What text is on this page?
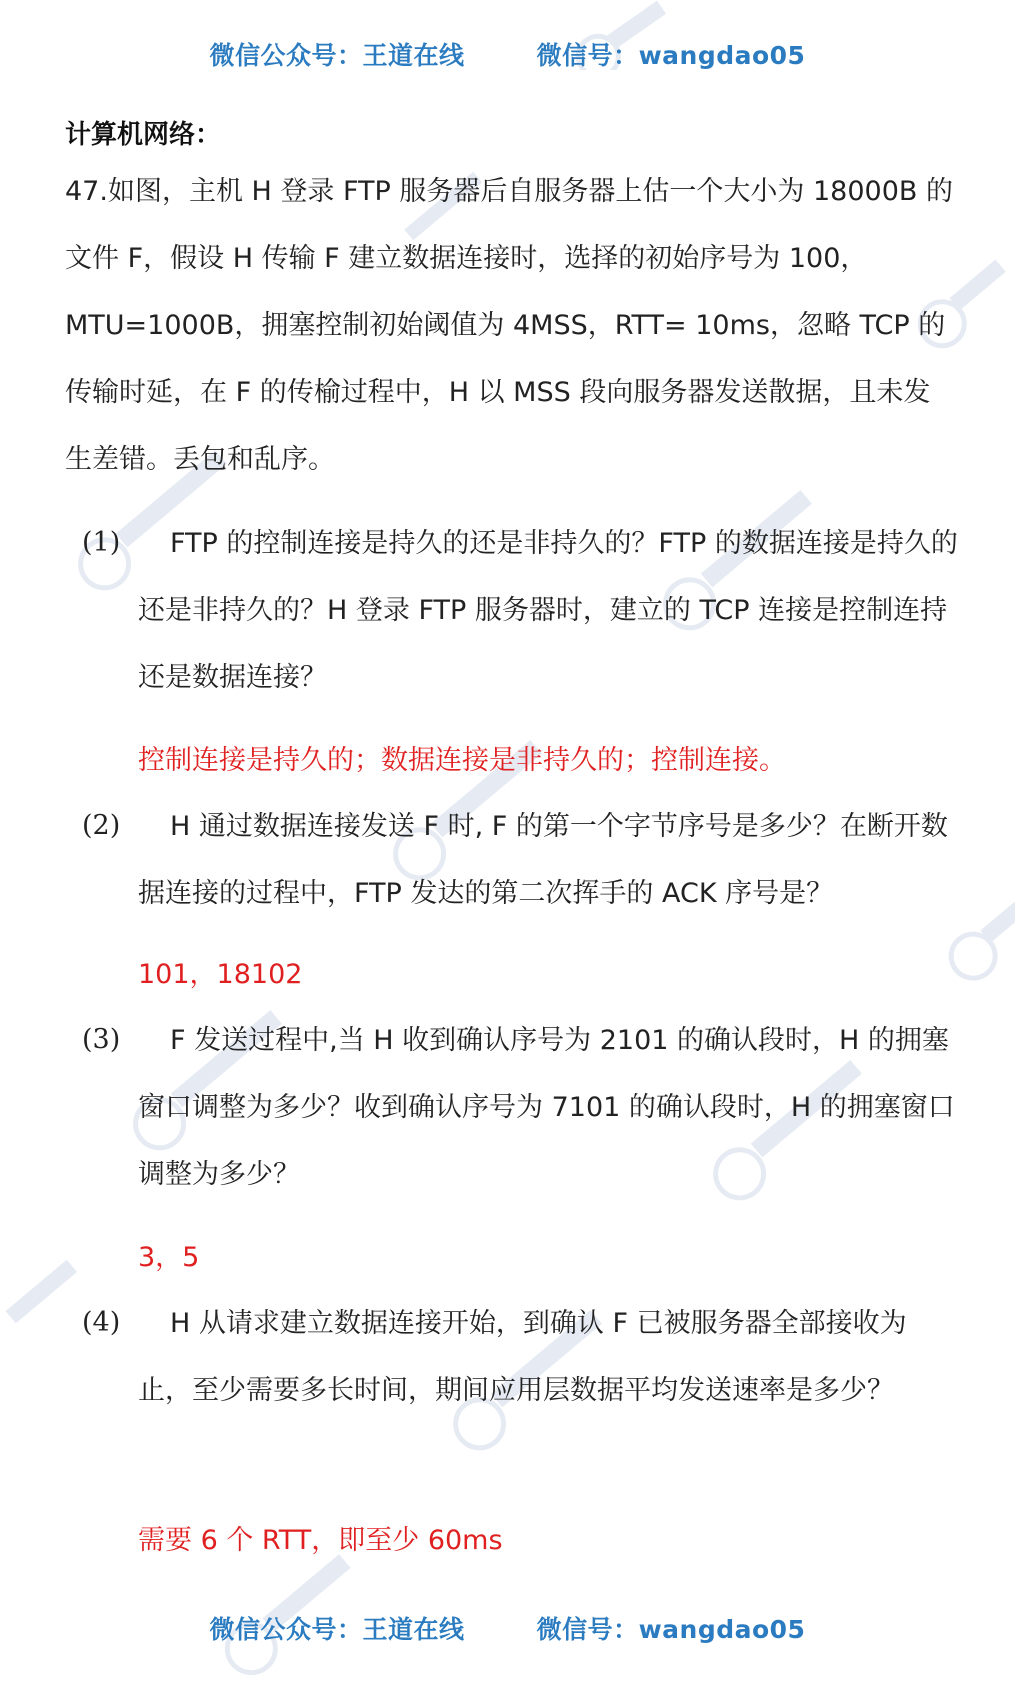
微信公众号：王道在线	微信号：wangdao05
计算机网络：
47.如图，主机 H 登录 FTP 服务器后自服务器上估一个大小为 18000B 的文件 F，假设 H 传输 F 建立数据连接时，选择的初始序号为 100，MTU=1000B，拥塞控制初始阈值为 4MSS，RTT= 10ms，忽略 TCP 的传输时延，在 F 的传榆过程中，H 以 MSS 段向服务器发送散据，且未发生差错。丢包和乱序。
(1)	FTP 的控制连接是持久的还是非持久的？FTP 的数据连接是持久的还是非持久的？H 登录 FTP 服务器时，建立的 TCP 连接是控制连持还是数据连接？
控制连接是持久的；数据连接是非持久的；控制连接。
(2)	H 通过数据连接发送 F 时, F 的第一个字节序号是多少？在断开数据连接的过程中，FTP 发达的第二次挥手的 ACK 序号是？
101，18102
(3)	F 发送过程中,当 H 收到确认序号为 2101 的确认段时，H 的拥塞窗口调整为多少？收到确认序号为 7101 的确认段时，H 的拥塞窗口调整为多少？
3，5
(4)	H 从请求建立数据连接开始，到确认 F 已被服务器全部接收为止，至少需要多长时间，期间应用层数据平均发送速率是多少？
需要 6 个 RTT，即至少 60ms
微信公众号：王道在线	微信号：wangdao05
